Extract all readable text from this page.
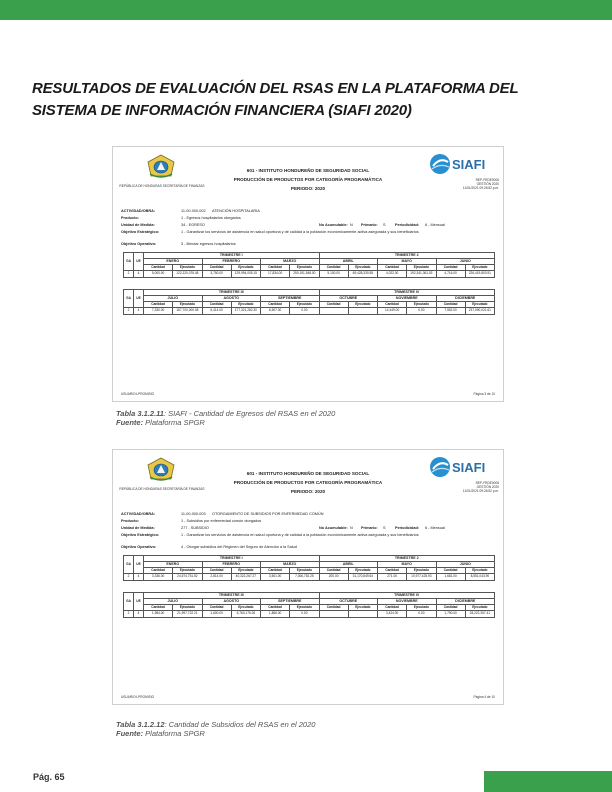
RESULTADOS DE EVALUACIÓN DEL RSAS EN LA PLATAFORMA DEL SISTEMA DE INFORMACIÓN FINANCIERA (SIAFI 2020)
REPÚBLICA DE HONDURAS SECRETARÍA DE FINANZAS
SIAFI
REP-FRDE0006
GESTIÓN 2020
11/01/2021 09:26:52 p.m.
601 - INSTITUTO HONDUREÑO DE SEGURIDAD SOCIAL
PRODUCCIÓN DE PRODUCTOS POR CATEGORÍA PROGRAMÁTICA
PERIODO: 2020
ACTIVIDAD/OBRA:	11-00-000-002 ATENCIÓN HOSPITALARIA
Producto:	1 - Egresos hospitalarios otorgados
Unidad de Medida:	34 - EGRESO	No Acumulable: N Primario: S Periodicidad: 6 - Mensual
Objetivo Estratégico:	1 - Garantizar los servicios de asistencia en salud oportuna y de calidad a la población económicamente activa asegurada y sus beneficiarios
Objetivo Operativo:	3 - Brindar egresos hospitalarios
GA	UE	TRIMESTRE I						TRIMESTRE 2					
		ENERO		FEBRERO		MARZO		ABRIL		MAYO		JUNIO	
		Cantidad	Ejecutado	Cantidad	Ejecutado	Cantidad	Ejecutado	Cantidad	Ejecutado	Cantidad	Ejecutado	Cantidad	Ejecutado
2	4	5,000.00	122,220,076.48	3,750.00	129,994,005.15	17,834.00	250,191,548.00	5,100.00	69,428,330.55	4,022.00	192,341,361.03	4,716.00	226,419,803.91
GA	UE	TRIMESTRE III						TRIMESTRE IV					
		JULIO		AGOSTO		SEPTIEMBRE		OCTUBRE		NOVIEMBRE		DICIEMBRE	
		Cantidad	Ejecutado	Cantidad	Ejecutado	Cantidad	Ejecutado	Cantidad	Ejecutado	Cantidad	Ejecutado	Cantidad	Ejecutado
2	4	7,330.00	187,700,000.08	6,414.00	177,321,282.30	6,507.00	0.00			14,449.00	0.00	7,552.00	237,090,021.61
USUARIO:LPROMISIO	Página 3 de 10
Tabla 3.1.2.11: SIAFI - Cantidad de Egresos del RSAS en el 2020
Fuente: Plataforma SPGR
REPÚBLICA DE HONDURAS SECRETARÍA DE FINANZAS
SIAFI
REP-FRDE0006
GESTIÓN 2020
11/01/2021 09:26:52 p.m.
601 - INSTITUTO HONDUREÑO DE SEGURIDAD SOCIAL
PRODUCCIÓN DE PRODUCTOS POR CATEGORÍA PROGRAMÁTICA
PERIODO: 2020
ACTIVIDAD/OBRA:	11-00-000-003 OTORGAMIENTO DE SUBSIDIOS POR ENFERMEDAD COMÚN
Producto:	1 - Subsidios por enfermedad común otorgados
Unidad de Medida:	277 - SUBSIDIO	No Acumulable: N Primario: S Periodicidad: 6 - Mensual
Objetivo Estratégico:	1 - Garantizar los servicios de asistencia en salud oportuna y de calidad a la población económicamente activa asegurada y sus beneficiarios
Objetivo Operativo:	4 - Otorgar subsidios del Régimen del Seguro de Atención a la Salud
GA	UE	TRIMESTRE I						TRIMESTRE 2					
		ENERO		FEBRERO		MARZO		ABRIL		MAYO		JUNIO	
		Cantidad	Ejecutado	Cantidad	Ejecutado	Cantidad	Ejecutado	Cantidad	Ejecutado	Cantidad	Ejecutado	Cantidad	Ejecutado
2	4	3,336.00	24,574,751.52	2,814.00	40,322,267.27	3,501.00	7,306,752.25	200.00	31,170,849.64	271.00	10,977,425.93	1,681.00	8,551,043.90
GA	UE	TRIMESTRE III						TRIMESTRE IV					
		JULIO		AGOSTO		SEPTIEMBRE		OCTUBRE		NOVIEMBRE		DICIEMBRE	
		Cantidad	Ejecutado	Cantidad	Ejecutado	Cantidad	Ejecutado	Cantidad	Ejecutado	Cantidad	Ejecutado	Cantidad	Ejecutado
2	4	1,984.00	21,997,722.21	1,600.00	5,763,175.26	1,866.00	0.00			3,424.00	0.00	1,790.00	28,222,357.41
USUARIO:LPROMISIO	Página 4 de 10
Tabla 3.1.2.12: Cantidad de Subsidios del RSAS en el 2020
Fuente: Plataforma SPGR
Pág. 65
